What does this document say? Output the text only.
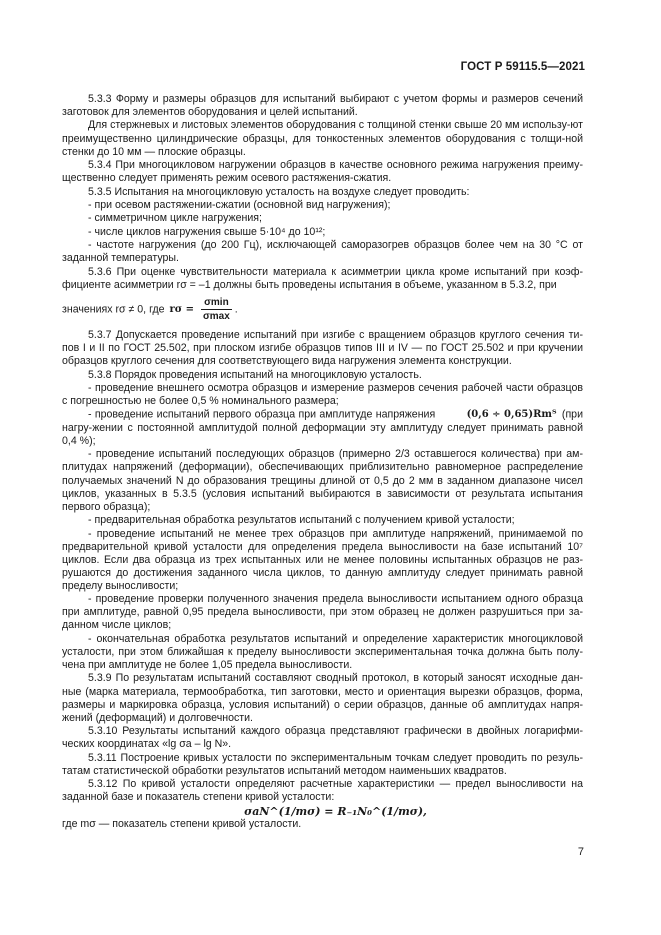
ГОСТ Р 59115.5—2021

5.3.3 Форму и размеры образцов для испытаний выбирают с учетом формы и размеров сечений заготовок для элементов оборудования и целей испытаний.

Для стержневых и листовых элементов оборудования с толщиной стенки свыше 20 мм использу-ют преимущественно цилиндрические образцы, для тонкостенных элементов оборудования с толщи-ной стенки до 10 мм — плоские образцы.

5.3.4 При многоцикловом нагружении образцов в качестве основного режима нагружения преиму-щественно следует применять режим осевого растяжения-сжатия.

5.3.5 Испытания на многоцикловую усталость на воздухе следует проводить:

- при осевом растяжении-сжатии (основной вид нагружения);

- симметричном цикле нагружения;

- числе циклов нагружения свыше 5·10⁴ до 10¹²;

- частоте нагружения (до 200 Гц), исключающей саморазогрев образцов более чем на 30 °С от заданной температуры.

5.3.6 При оценке чувствительности материала к асимметрии цикла кроме испытаний при коэф-фициенте асимметрии rσ = –1 должны быть проведены испытания в объеме, указанном в 5.3.2, при

значениях rσ ≠ 0, где $r\sigma = \frac{\sigma\min}{\sigma\max}$ .

5.3.7 Допускается проведение испытаний при изгибе с вращением образцов круглого сечения ти-пов I и II по ГОСТ 25.502, при плоском изгибе образцов типов III и IV — по ГОСТ 25.502 и при кручении образцов круглого сечения для соответствующего вида нагружения элемента конструкции.

5.3.8 Порядок проведения испытаний на многоцикловую усталость.

- проведение внешнего осмотра образцов и измерение размеров сечения рабочей части образцов с погрешностью не более 0,5 % номинального размера;

- проведение испытаний первого образца при амплитуде напряжения	(0,6 ÷ 0,65)Rmᵀ (при нагру-жении с постоянной амплитудой полной деформации эту амплитуду следует принимать равной 0,4 %);

- проведение испытаний последующих образцов (примерно 2/3 оставшегося количества) при ам-плитудах напряжений (деформации), обеспечивающих приблизительно равномерное распределение получаемых значений N до образования трещины длиной от 0,5 до 2 мм в заданном диапазоне чисел циклов, указанных в 5.3.5 (условия испытаний выбираются в зависимости от результата испытания первого образца);

- предварительная обработка результатов испытаний с получением кривой усталости;

- проведение испытаний не менее трех образцов при амплитуде напряжений, принимаемой по предварительной кривой усталости для определения предела выносливости на базе испытаний 10⁷ циклов. Если два образца из трех испытанных или не менее половины испытанных образцов не раз-рушаются до достижения заданного числа циклов, то данную амплитуду следует принимать равной пределу выносливости;

- проведение проверки полученного значения предела выносливости испытанием одного образца при амплитуде, равной 0,95 предела выносливости, при этом образец не должен разрушиться при за-данном числе циклов;

- окончательная обработка результатов испытаний и определение характеристик многоцикловой усталости, при этом ближайшая к пределу выносливости экспериментальная точка должна быть полу-чена при амплитуде не более 1,05 предела выносливости.

5.3.9 По результатам испытаний составляют сводный протокол, в который заносят исходные дан-ные (марка материала, термообработка, тип заготовки, место и ориентация вырезки образцов, форма, размеры и маркировка образца, условия испытаний) о серии образцов, данные об амплитудах напря-жений (деформаций) и долговечности.

5.3.10 Результаты испытаний каждого образца представляют графически в двойных логарифми-ческих координатах «lg σa – lg N».

5.3.11 Построение кривых усталости по экспериментальным точкам следует проводить по резуль-татам статистической обработки результатов испытаний методом наименьших квадратов.

5.3.12 По кривой усталости определяют расчетные характеристики — предел выносливости на заданной базе и показатель степени кривой усталости:

σaN^(1/mσ) = R₋₁N₀^(1/mσ),

где mσ — показатель степени кривой усталости.

7
